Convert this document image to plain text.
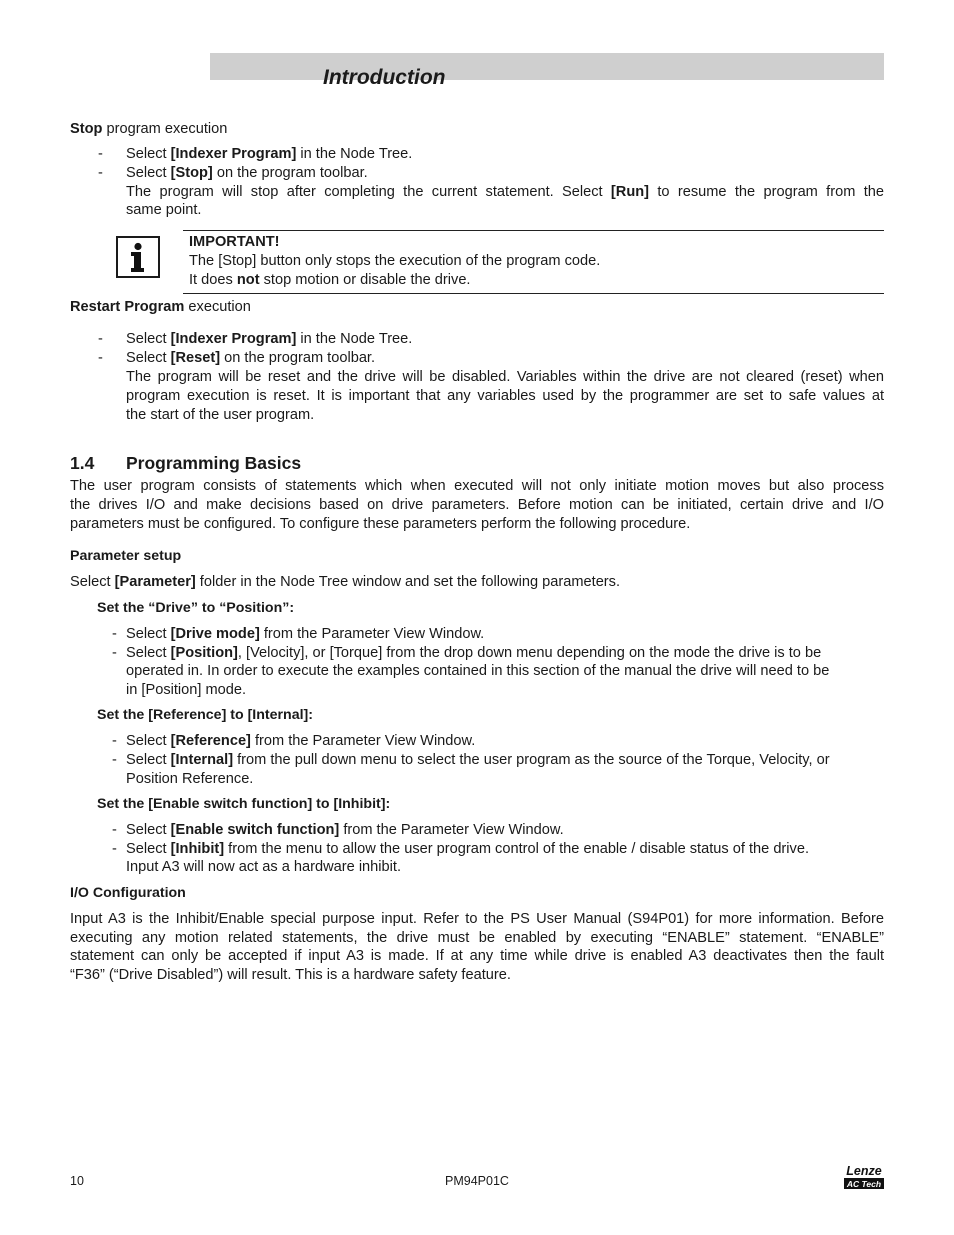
Introduction
Stop program execution
- Select [Indexer Program] in the Node Tree.
- Select [Stop] on the program toolbar.
The program will stop after completing the current statement. Select [Run] to resume the program from the
same point.
IMPORTANT!
The [Stop] button only stops the execution of the program code.
It does not stop motion or disable the drive.
Restart Program execution
- Select [Indexer Program] in the Node Tree.
- Select [Reset] on the program toolbar.
The program will be reset and the drive will be disabled. Variables within the drive are not cleared (reset) when
program execution is reset. It is important that any variables used by the programmer are set to safe values at
the start of the user program.
1.4 Programming Basics
The user program consists of statements which when executed will not only initiate motion moves but also process
the drives I/O and make decisions based on drive parameters. Before motion can be initiated, certain drive and I/O
parameters must be configured. To configure these parameters perform the following procedure.
Parameter setup
Select [Parameter] folder in the Node Tree window and set the following parameters.
Set the “Drive” to “Position”:
- Select [Drive mode] from the Parameter View Window.
- Select [Position], [Velocity], or [Torque] from the drop down menu depending on the mode the drive is to be
operated in. In order to execute the examples contained in this section of the manual the drive will need to be
in [Position] mode.
Set the [Reference] to [Internal]:
- Select [Reference] from the Parameter View Window.
- Select [Internal] from the pull down menu to select the user program as the source of the Torque, Velocity, or
Position Reference.
Set the [Enable switch function] to [Inhibit]:
- Select [Enable switch function] from the Parameter View Window.
- Select [Inhibit] from the menu to allow the user program control of the enable / disable status of the drive.
Input A3 will now act as a hardware inhibit.
I/O Configuration
Input A3 is the Inhibit/Enable special purpose input. Refer to the PS User Manual (S94P01) for more information. Before
executing any motion related statements, the drive must be enabled by executing “ENABLE” statement. “ENABLE”
statement can only be accepted if input A3 is made. If at any time while drive is enabled A3 deactivates then the fault
“F36” (“Drive Disabled”) will result. This is a hardware safety feature.
10	PM94P01C
Lenze
AC Tech
